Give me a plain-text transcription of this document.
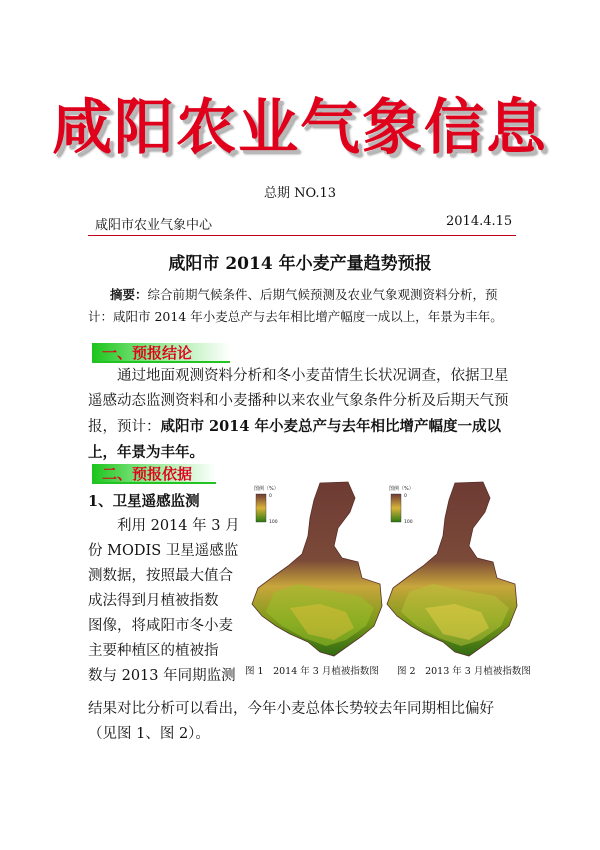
咸阳农业气象信息
总期 NO.13
咸阳市农业气象中心	2014.4.15
咸阳市 2014 年小麦产量趋势预报
摘要：综合前期气候条件、后期气候预测及农业气象观测资料分析，预计：咸阳市 2014 年小麦总产与去年相比增产幅度一成以上，年景为丰年。
一、预报结论
通过地面观测资料分析和冬小麦苗情生长状况调查，依据卫星遥感动态监测资料和小麦播种以来农业气象条件分析及后期天气预报，预计：咸阳市 2014 年小麦总产与去年相比增产幅度一成以上，年景为丰年。
二、预报依据
1、卫星遥感监测
利用 2014 年 3 月
份 MODIS 卫星遥感监
测数据，按照最大值合
成法得到月植被指数
图像，将咸阳市冬小麦
主要种植区的植被指
数与 2013 年同期监测
结果对比分析可以看出，今年小麦总体长势较去年同期相比偏好（见图 1、图 2）。
图例（%）
0
100
图 1　2014 年 3 月植被指数图
图例（%）
0
100
图 2　2013 年 3 月植被指数图
